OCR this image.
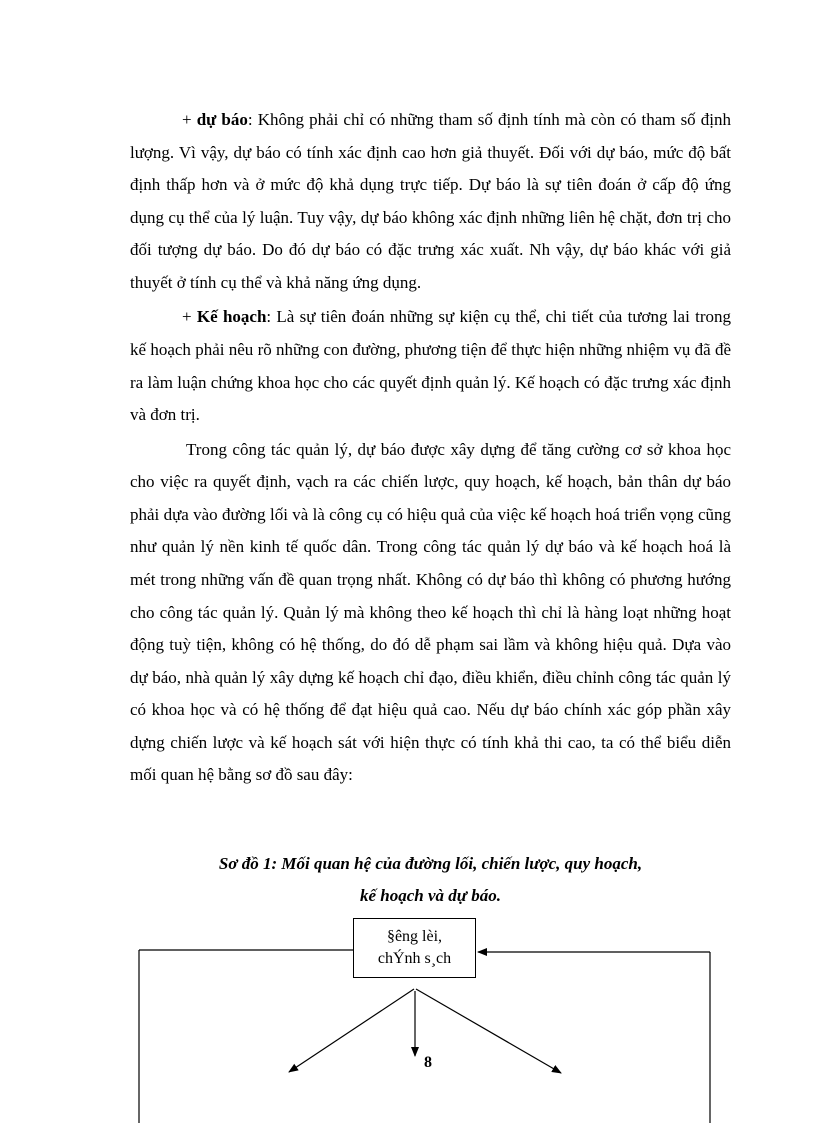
+ dự báo: Không phải chỉ có những tham số định tính mà còn có tham số định lượng. Vì vậy, dự báo có tính xác định cao hơn giả thuyết. Đối với dự báo, mức độ bất định thấp hơn và ở mức độ khả dụng trực tiếp. Dự báo là sự tiên đoán ở cấp độ ứng dụng cụ thể của lý luận. Tuy vậy, dự báo không xác định những liên hệ chặt, đơn trị cho đối tượng dự báo. Do đó dự báo có đặc trưng xác xuất. Nh vậy, dự báo khác với giả thuyết ở tính cụ thể và khả năng ứng dụng.

+ Kế hoạch: Là sự tiên đoán những sự kiện cụ thể, chi tiết của tương lai trong kế hoạch phải nêu rõ những con đường, phương tiện để thực hiện những nhiệm vụ đã đề ra làm luận chứng khoa học cho các quyết định quản lý. Kế hoạch có đặc trưng xác định và đơn trị.

Trong công tác quản lý, dự báo được xây dựng để tăng cường cơ sở khoa học cho việc ra quyết định, vạch ra các chiến lược, quy hoạch, kế hoạch, bản thân dự báo phải dựa vào đường lối và là công cụ có hiệu quả của việc kế hoạch hoá triển vọng cũng như quản lý nền kinh tế quốc dân. Trong công tác quản lý dự báo và kế hoạch hoá là mét trong những vấn đề quan trọng nhất. Không có dự báo thì không có phương hướng cho công tác quản lý. Quản lý mà không theo kế hoạch thì chỉ là hàng loạt những hoạt động tuỳ tiện, không có hệ thống, do đó dễ phạm sai lầm và không hiệu quả. Dựa vào dự báo, nhà quản lý xây dựng kế hoạch chỉ đạo, điều khiển, điều chỉnh công tác quản lý có khoa học và có hệ thống để đạt hiệu quả cao. Nếu dự báo chính xác góp phần xây dựng chiến lược và kế hoạch sát với hiện thực có tính khả thi cao, ta có thể biểu diễn mối quan hệ bằng sơ đồ sau đây:

Sơ đồ 1: Mối quan hệ của đường lối, chiến lược, quy hoạch,
kế hoạch và dự báo.
§êng lèi,
chÝnh s¸ch
8
